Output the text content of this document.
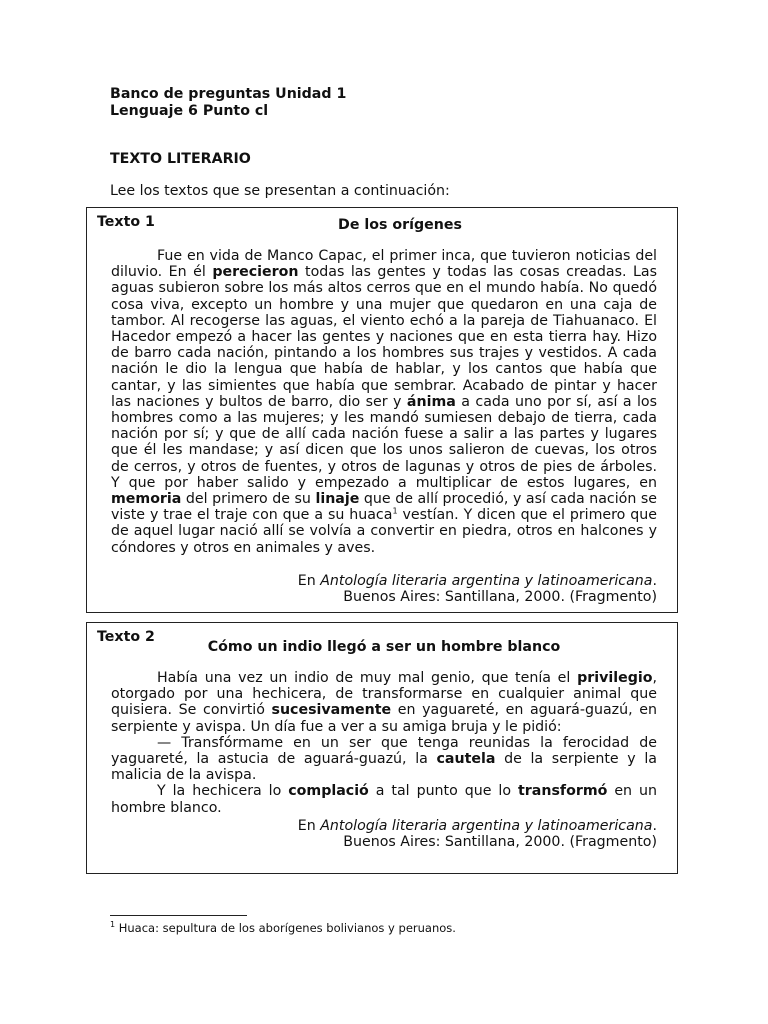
Banco de preguntas Unidad 1
Lenguaje 6 Punto cl
TEXTO LITERARIO
Lee los textos que se presentan a continuación:
Texto 1	De los orígenes

Fue en vida de Manco Capac, el primer inca, que tuvieron noticias del diluvio. En él perecieron todas las gentes y todas las cosas creadas. Las aguas subieron sobre los más altos cerros que en el mundo había. No quedó cosa viva, excepto un hombre y una mujer que quedaron en una caja de tambor. Al recogerse las aguas, el viento echó a la pareja de Tiahuanaco. El Hacedor empezó a hacer las gentes y naciones que en esta tierra hay. Hizo de barro cada nación, pintando a los hombres sus trajes y vestidos. A cada nación le dio la lengua que había de hablar, y los cantos que había que cantar, y las simientes que había que sembrar. Acabado de pintar y hacer las naciones y bultos de barro, dio ser y ánima a cada uno por sí, así a los hombres como a las mujeres; y les mandó sumiesen debajo de tierra, cada nación por sí; y que de allí cada nación fuese a salir a las partes y lugares que él les mandase; y así dicen que los unos salieron de cuevas, los otros de cerros, y otros de fuentes, y otros de lagunas y otros de pies de árboles. Y que por haber salido y empezado a multiplicar de estos lugares, en memoria del primero de su linaje que de allí procedió, y así cada nación se viste y trae el traje con que a su huaca$^1$ vestían. Y dicen que el primero que de aquel lugar nació allí se volvía a convertir en piedra, otros en halcones y cóndores y otros en animales y aves.

En Antología literaria argentina y latinoamericana.
Buenos Aires: Santillana, 2000. (Fragmento)
Texto 2
Cómo un indio llegó a ser un hombre blanco

Había una vez un indio de muy mal genio, que tenía el privilegio, otorgado por una hechicera, de transformarse en cualquier animal que quisiera. Se convirtió sucesivamente en yaguareté, en aguará-guazú, en serpiente y avispa. Un día fue a ver a su amiga bruja y le pidió:

— Transfórmame en un ser que tenga reunidas la ferocidad de yaguareté, la astucia de aguará-guazú, la cautela de la serpiente y la malicia de la avispa.

Y la hechicera lo complació a tal punto que lo transformó en un hombre blanco.

En Antología literaria argentina y latinoamericana.
Buenos Aires: Santillana, 2000. (Fragmento)
$^1$ Huaca: sepultura de los aborígenes bolivianos y peruanos.
